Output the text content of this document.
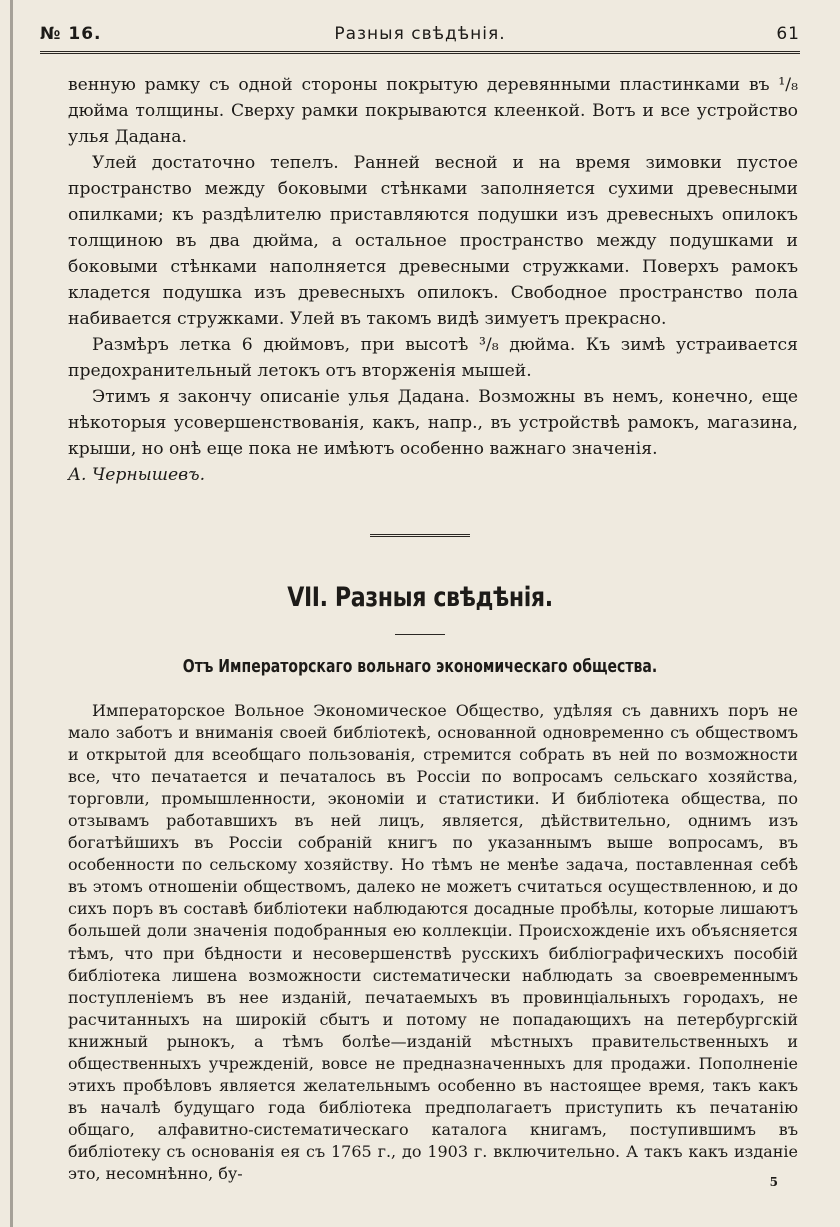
№ 16.	Разныя свѣдѣнія.	61

венную рамку съ одной стороны покрытую деревянными пластинками въ ¹/₈ дюйма толщины. Сверху рамки покрываются клеенкой. Вотъ и все устройство улья Дадана.

Улей достаточно тепелъ. Ранней весной и на время зимовки пустое пространство между боковыми стѣнками заполняется сухими древесными опилками; къ раздѣлителю приставляются подушки изъ древесныхъ опилокъ толщиною въ два дюйма, а остальное пространство между подушками и боковыми стѣнками наполняется древесными стружками. Поверхъ рамокъ кладется подушка изъ древесныхъ опилокъ. Свободное пространство пола набивается стружками. Улей въ такомъ видѣ зимуетъ прекрасно.

Размѣръ летка 6 дюймовъ, при высотѣ ³/₈ дюйма. Къ зимѣ устраивается предохранительный летокъ отъ вторженія мышей.

Этимъ я закончу описаніе улья Дадана. Возможны въ немъ, конечно, еще нѣкоторыя усовершенствованія, какъ, напр., въ устройствѣ рамокъ, магазина, крыши, но онѣ еще пока не имѣютъ особенно важнаго значенія.

А. Чернышевъ.

VII. Разныя свѣдѣнія.
Отъ Императорскаго вольнаго экономическаго общества.

Императорское Вольное Экономическое Общество, удѣляя съ давнихъ поръ не мало заботъ и вниманія своей библіотекѣ, основанной одновременно съ обществомъ и открытой для всеобщаго пользованія, стремится собрать въ ней по возможности все, что печатается и печаталось въ Россіи по вопросамъ сельскаго хозяйства, торговли, промышленности, экономіи и статистики. И библіотека общества, по отзывамъ работавшихъ въ ней лицъ, является, дѣйствительно, однимъ изъ богатѣйшихъ въ Россіи собраній книгъ по указаннымъ выше вопросамъ, въ особенности по сельскому хозяйству. Но тѣмъ не менѣе задача, поставленная себѣ въ этомъ отношеніи обществомъ, далеко не можетъ считаться осуществленною, и до сихъ поръ въ составѣ библіотеки наблюдаются досадные пробѣлы, которые лишаютъ большей доли значенія подобранныя ею коллекціи. Происхожденіе ихъ объясняется тѣмъ, что при бѣдности и несовершенствѣ русскихъ библіографическихъ пособій библіотека лишена возможности систематически наблюдать за своевременнымъ поступленіемъ въ нее изданій, печатаемыхъ въ провинціальныхъ городахъ, не расчитанныхъ на широкій сбытъ и потому не попадающихъ на петербургскій книжный рынокъ, а тѣмъ болѣе—изданій мѣстныхъ правительственныхъ и общественныхъ учрежденій, вовсе не предназначенныхъ для продажи. Пополненіе этихъ пробѣловъ является желательнымъ особенно въ настоящее время, такъ какъ въ началѣ будущаго года библіотека предполагаетъ приступить къ печатанію общаго, алфавитно-систематическаго каталога книгамъ, поступившимъ въ библіотеку съ основанія ея съ 1765 г., до 1903 г. включительно. А такъ какъ изданіе это, несомнѣнно, бу-	5
